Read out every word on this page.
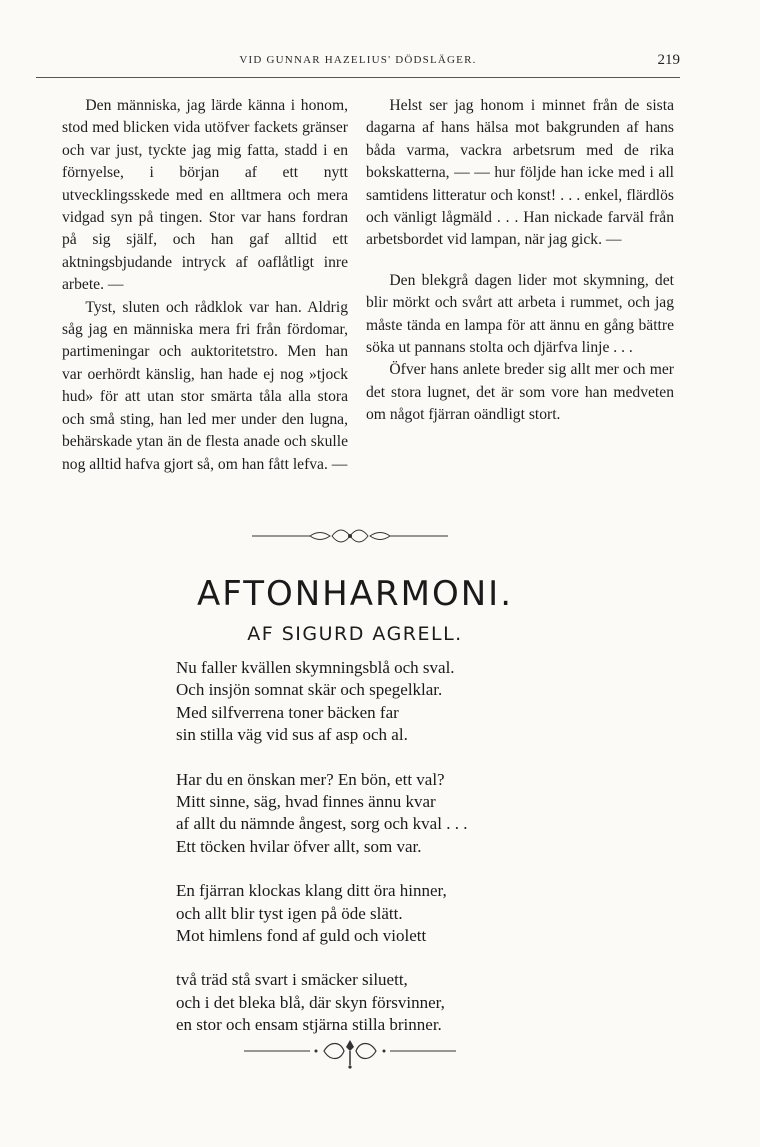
VID GUNNAR HAZELIUS' DÖDSLÄGER.	219

Den människa, jag lärde känna i honom, stod med blicken vida utöfver fackets gränser och var just, tyckte jag mig fatta, stadd i en förnyelse, i början af ett nytt utvecklingsskede med en alltmera och mera vidgad syn på tingen. Stor var hans fordran på sig själf, och han gaf alltid ett aktningsbjudande intryck af oaflåtligt inre arbete. —

Tyst, sluten och rådklok var han. Aldrig såg jag en människa mera fri från fördomar, partimeningar och auktoritetstro. Men han var oerhördt känslig, han hade ej nog »tjock hud» för att utan stor smärta tåla alla stora och små sting, han led mer under den lugna, behärskade ytan än de flesta anade och skulle nog alltid hafva gjort så, om han fått lefva. —

Helst ser jag honom i minnet från de sista dagarna af hans hälsa mot bakgrunden af hans båda varma, vackra arbetsrum med de rika bokskatterna, — — hur följde han icke med i all samtidens litteratur och konst! . . . enkel, flärdlös och vänligt lågmäld . . . Han nickade farväl från arbetsbordet vid lampan, när jag gick. —

Den blekgrå dagen lider mot skymning, det blir mörkt och svårt att arbeta i rummet, och jag måste tända en lampa för att ännu en gång bättre söka ut pannans stolta och djärfva linje . . .

Öfver hans anlete breder sig allt mer och mer det stora lugnet, det är som vore han medveten om något fjärran oändligt stort.

AFTONHARMONI.
AF SIGURD AGRELL.
Nu faller kvällen skymningsblå och sval.
Och insjön somnat skär och spegelklar.
Med silfverrena toner bäcken far
sin stilla väg vid sus af asp och al.
Har du en önskan mer? En bön, ett val?
Mitt sinne, säg, hvad finnes ännu kvar
af allt du nämnde ångest, sorg och kval . . .
Ett töcken hvilar öfver allt, som var.
En fjärran klockas klang ditt öra hinner,
och allt blir tyst igen på öde slätt.
Mot himlens fond af guld och violett
två träd stå svart i smäcker siluett,
och i det bleka blå, där skyn försvinner,
en stor och ensam stjärna stilla brinner.
